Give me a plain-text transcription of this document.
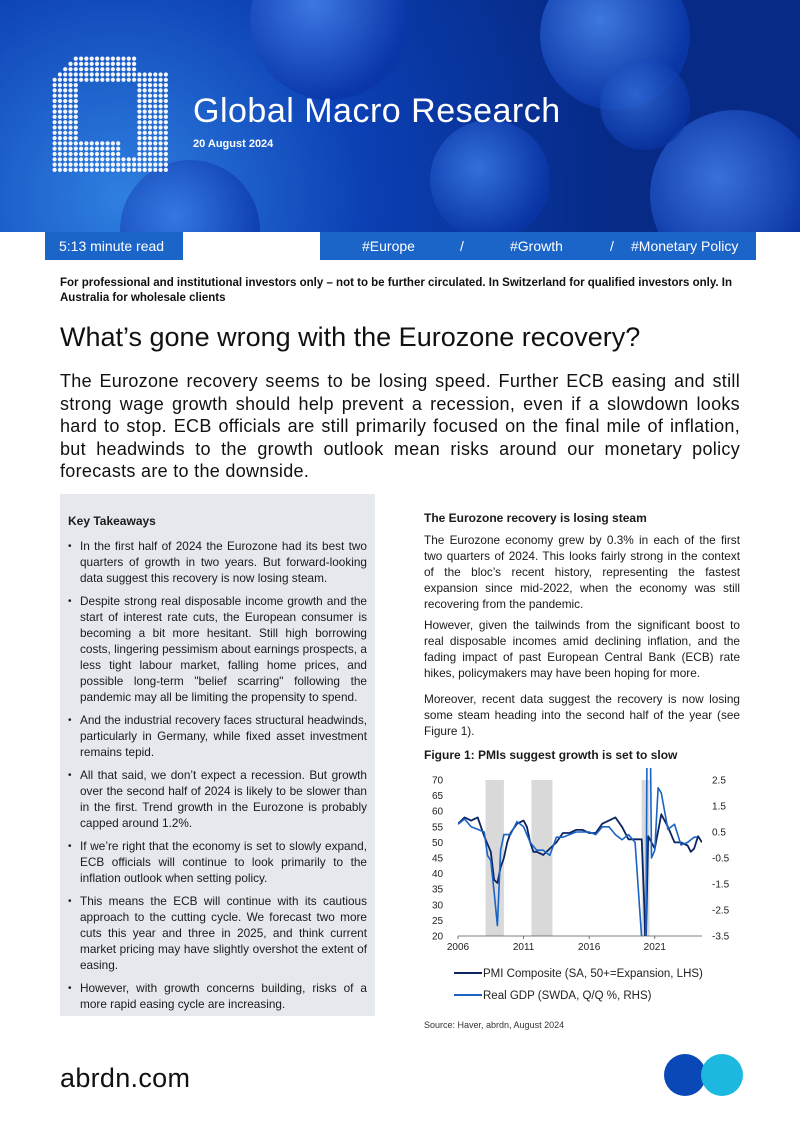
Global Macro Research
20 August 2024
5:13 minute read	#Europe	/	#Growth	/ #Monetary Policy
For professional and institutional investors only – not to be further circulated. In Switzerland for qualified investors only. In Australia for wholesale clients
What’s gone wrong with the Eurozone recovery?

The Eurozone recovery seems to be losing speed. Further ECB easing and still strong wage growth should help prevent a recession, even if a slowdown looks hard to stop. ECB officials are still primarily focused on the final mile of inflation, but headwinds to the growth outlook mean risks around our monetary policy forecasts are to the downside.

Key Takeaways
• In the first half of 2024 the Eurozone had its best two quarters of growth in two years. But forward-looking data suggest this recovery is now losing steam.
• Despite strong real disposable income growth and the start of interest rate cuts, the European consumer is becoming a bit more hesitant. Still high borrowing costs, lingering pessimism about earnings prospects, a less tight labour market, falling home prices, and possible long-term "belief scarring" following the pandemic may all be limiting the propensity to spend.
• And the industrial recovery faces structural headwinds, particularly in Germany, while fixed asset investment remains tepid.
• All that said, we don’t expect a recession. But growth over the second half of 2024 is likely to be slower than in the first. Trend growth in the Eurozone is probably capped around 1.2%.
• If we’re right that the economy is set to slowly expand, ECB officials will continue to look primarily to the inflation outlook when setting policy.
• This means the ECB will continue with its cautious approach to the cutting cycle. We forecast two more cuts this year and three in 2025, and think current market pricing may have slightly overshot the extent of easing.
• However, with growth concerns building, risks of a more rapid easing cycle are increasing.
The Eurozone recovery is losing steam

The Eurozone economy grew by 0.3% in each of the first two quarters of 2024. This looks fairly strong in the context of the bloc’s recent history, representing the fastest expansion since mid-2022, when the economy was still recovering from the pandemic.

However, given the tailwinds from the significant boost to real disposable incomes amid declining inflation, and the fading impact of past European Central Bank (ECB) rate hikes, policymakers may have been hoping for more.

Moreover, recent data suggest the recovery is now losing some steam heading into the second half of the year (see Figure 1).

Figure 1: PMIs suggest growth is set to slow
70
65
60
55
50
45
40
35
30
25
20
2.5
1.5
0.5
-0.5
-1.5
-2.5
-3.5
2006	2011	2016	2021
PMI Composite (SA, 50+=Expansion, LHS)
Real GDP (SWDA, Q/Q %, RHS)
Source: Haver, abrdn, August 2024
abrdn.com
